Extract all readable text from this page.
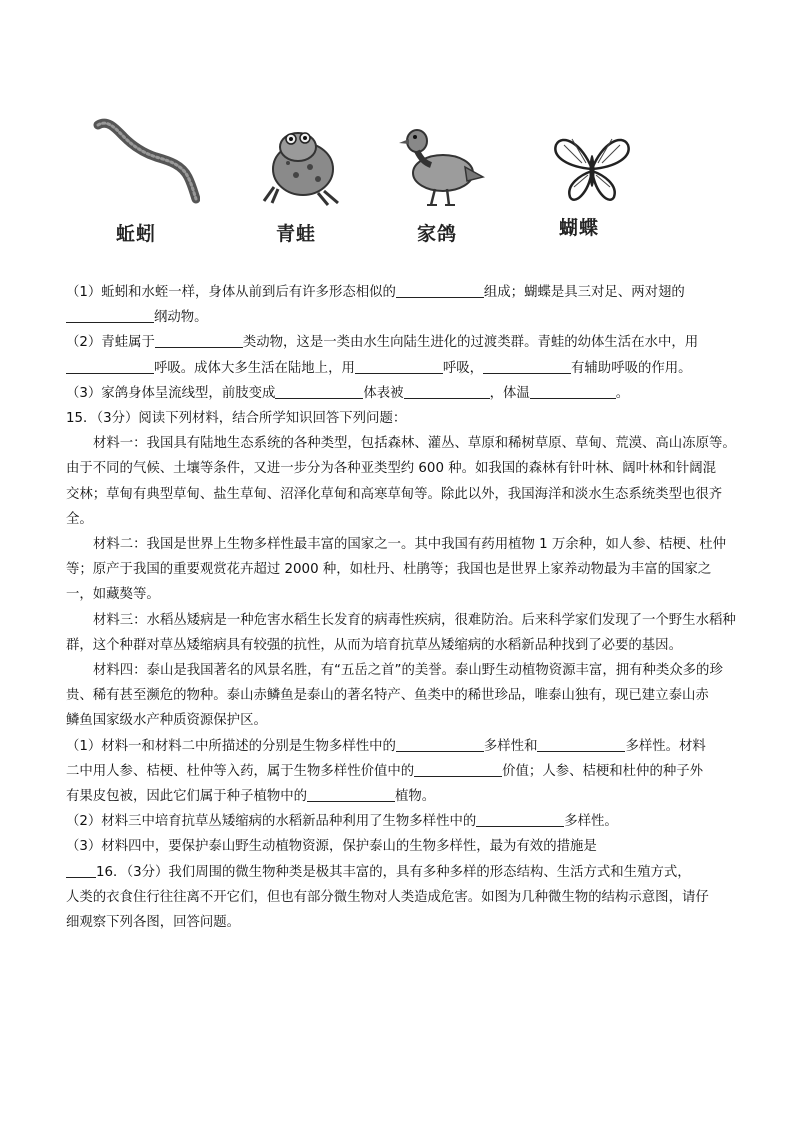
蚯蚓	青蛙	家鸽	蝴蝶
（1）蚯蚓和水蛭一样，身体从前到后有许多形态相似的	组成；蝴蝶是具三对足、两对翅的
纲动物。
（2）青蛙属于	类动物，这是一类由水生向陆生进化的过渡类群。青蛙的幼体生活在水中，用
呼吸。成体大多生活在陆地上，用	呼吸，	有辅助呼吸的作用。
（3）家鸽身体呈流线型，前肢变成	体表被	，体温	。
15．（3分）阅读下列材料，结合所学知识回答下列问题：
材料一：我国具有陆地生态系统的各种类型，包括森林、灌丛、草原和稀树草原、草甸、荒漠、高山冻原等。
由于不同的气候、土壤等条件，又进一步分为各种亚类型约 600 种。如我国的森林有针叶林、阔叶林和针阔混
交林；草甸有典型草甸、盐生草甸、沼泽化草甸和高寒草甸等。除此以外，我国海洋和淡水生态系统类型也很齐
全。
材料二：我国是世界上生物多样性最丰富的国家之一。其中我国有药用植物 1 万余种，如人参、桔梗、杜仲
等；原产于我国的重要观赏花卉超过 2000 种，如杜丹、杜鹃等；我国也是世界上家养动物最为丰富的国家之
一，如藏獒等。
材料三：水稻丛矮病是一种危害水稻生长发育的病毒性疾病，很难防治。后来科学家们发现了一个野生水稻种
群，这个种群对草丛矮缩病具有较强的抗性，从而为培育抗草丛矮缩病的水稻新品种找到了必要的基因。
材料四：泰山是我国著名的风景名胜，有“五岳之首”的美誉。泰山野生动植物资源丰富，拥有种类众多的珍
贵、稀有甚至濒危的物种。泰山赤鳞鱼是泰山的著名特产、鱼类中的稀世珍品，唯泰山独有，现已建立泰山赤
鳞鱼国家级水产种质资源保护区。
（1）材料一和材料二中所描述的分别是生物多样性中的	多样性和	多样性。材料
二中用人参、桔梗、杜仲等入药，属于生物多样性价值中的	价值；人参、桔梗和杜仲的种子外
有果皮包被，因此它们属于种子植物中的	植物。
（2）材料三中培育抗草丛矮缩病的水稻新品种利用了生物多样性中的	多样性。
（3）材料四中，要保护泰山野生动植物资源，保护泰山的生物多样性，最为有效的措施是
16．（3分）我们周围的微生物种类是极其丰富的，具有多种多样的形态结构、生活方式和生殖方式，
人类的衣食住行往往离不开它们，但也有部分微生物对人类造成危害。如图为几种微生物的结构示意图，请仔
细观察下列各图，回答问题。
